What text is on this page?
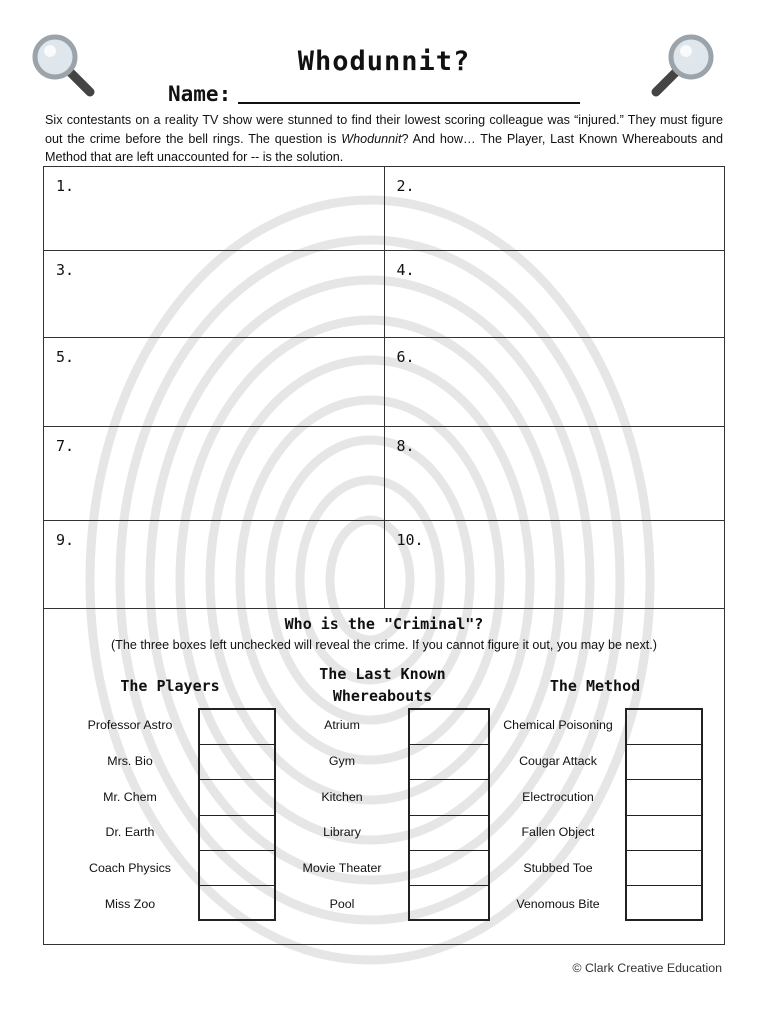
Whodunnit?
Name:
Six contestants on a reality TV show were stunned to find their lowest scoring colleague was “injured.” They must figure out the crime before the bell rings. The question is Whodunnit? And how… The Player, Last Known Whereabouts and Method that are left unaccounted for -- is the solution.
1.	2.
3.	4.
5.	6.
7.	8.
9.	10.
Who is the "Criminal"?
(The three boxes left unchecked will reveal the crime. If you cannot figure it out, you may be next.)
The Players
Professor Astro
Mrs. Bio
Mr. Chem
Dr. Earth
Coach Physics
Miss Zoo
The Last Known
Whereabouts
Atrium
Gym
Kitchen
Library
Movie Theater
Pool
The Method
Chemical Poisoning
Cougar Attack
Electrocution
Fallen Object
Stubbed Toe
Venomous Bite
© Clark Creative Education
